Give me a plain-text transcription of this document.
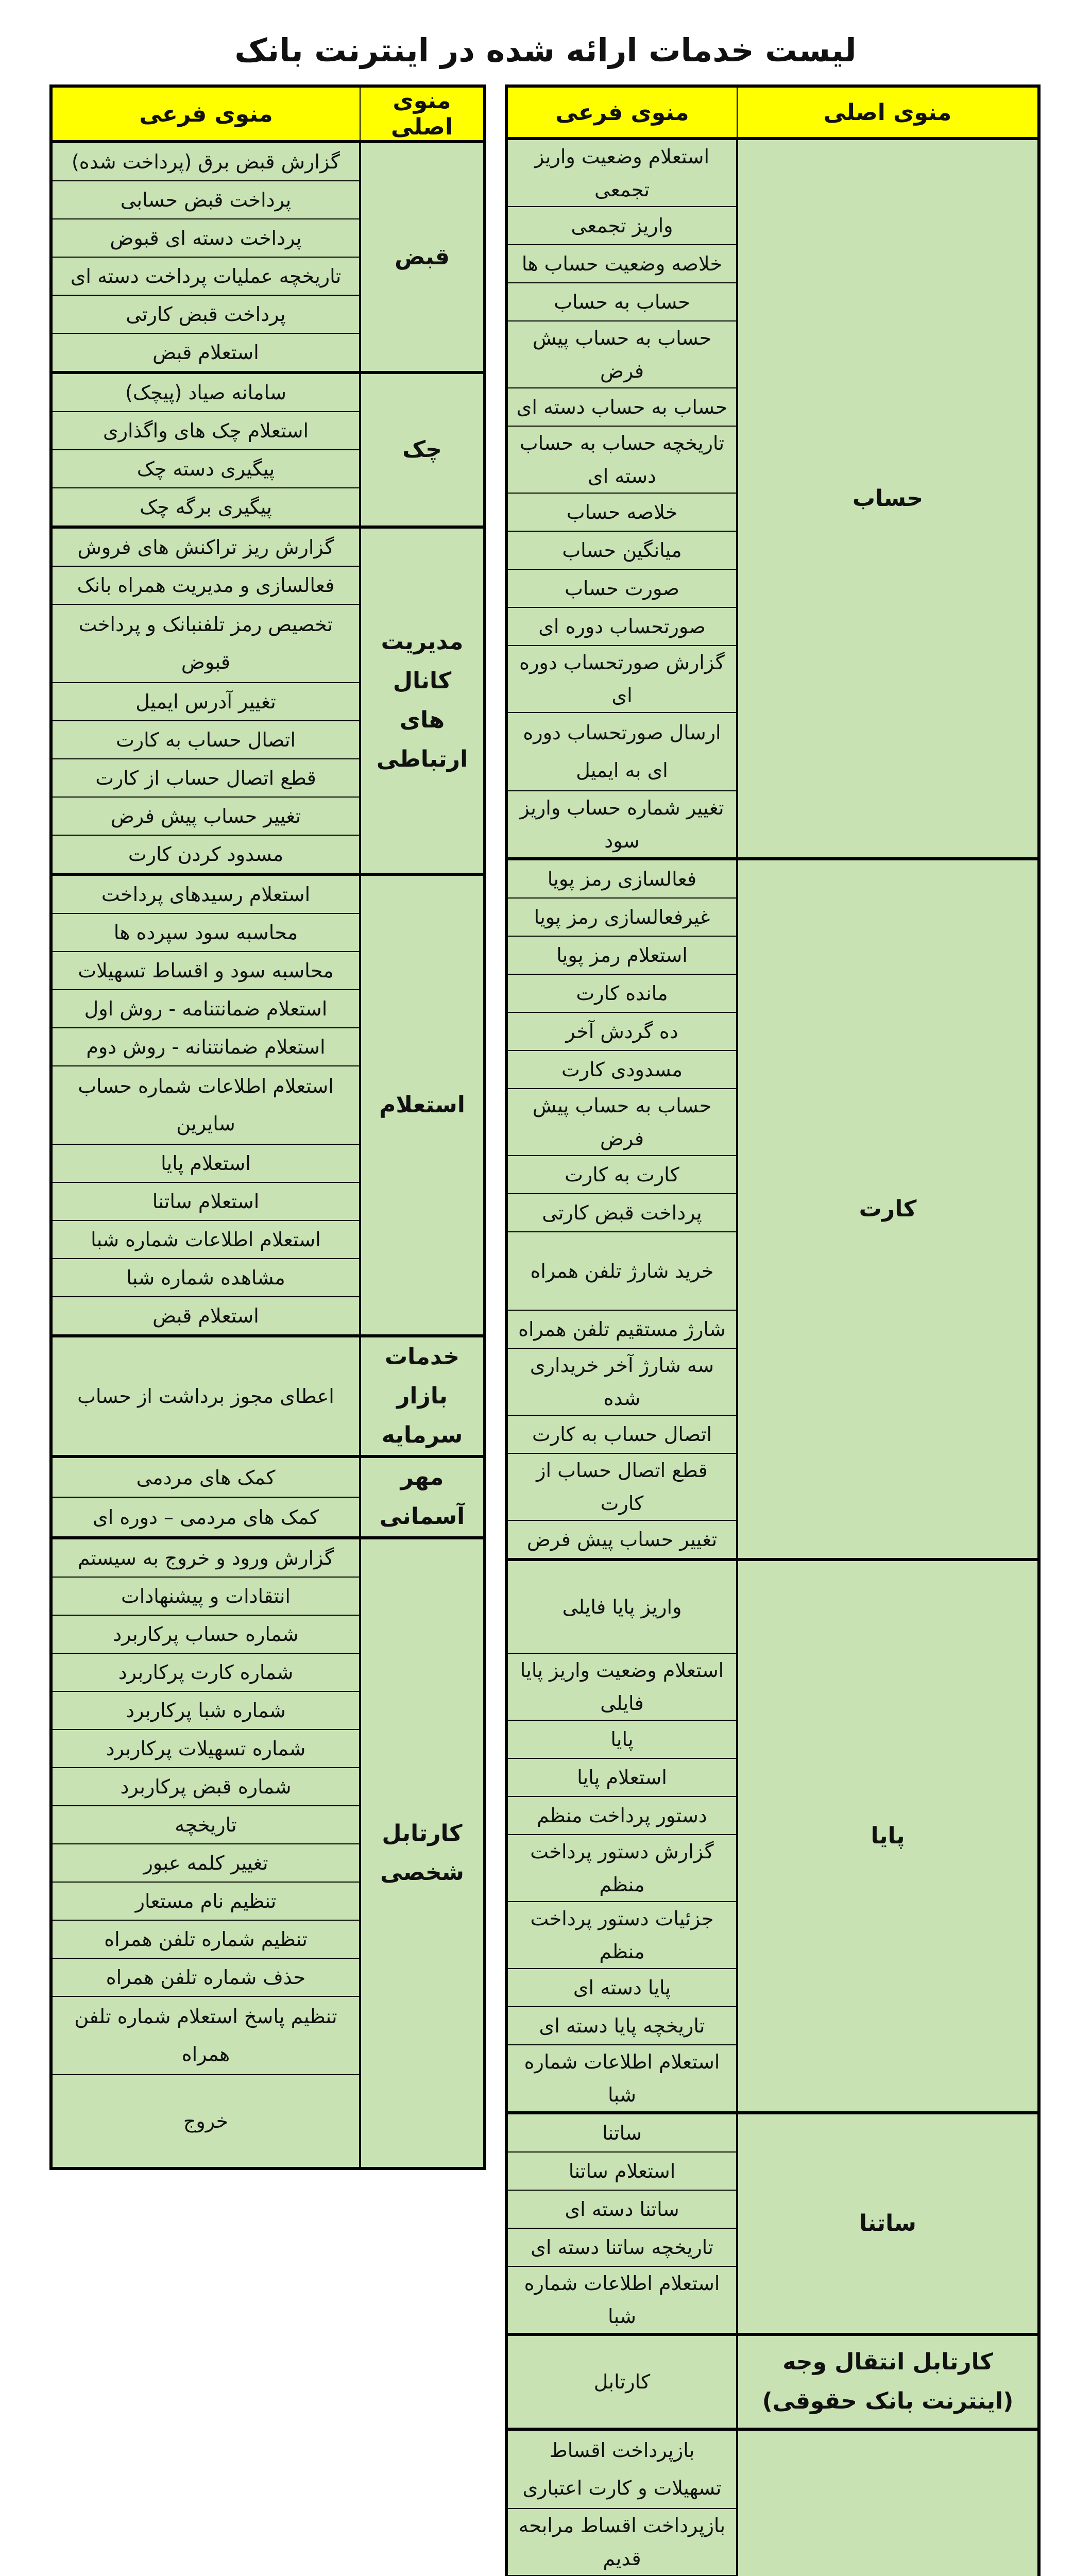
لیست خدمات ارائه شده در اینترنت بانک
منوی اصلی	منوی فرعی
حساب	استعلام وضعیت واریز تجمعی
	واریز تجمعی
	خلاصه وضعیت حساب ها
	حساب به حساب
	حساب به حساب پیش فرض
	حساب به حساب دسته ای
	تاریخچه حساب به حساب دسته ای
	خلاصه حساب
	میانگین حساب
	صورت حساب
	صورتحساب دوره ای
	گزارش صورتحساب دوره ای
	ارسال صورتحساب دوره ای به ایمیل
	تغییر شماره حساب واریز سود
کارت	فعالسازی رمز پویا
	غیرفعالسازی رمز پویا
	استعلام رمز پویا
	مانده کارت
	ده گردش آخر
	مسدودی کارت
	حساب به حساب پیش فرض
	کارت به کارت
	پرداخت قبض کارتی
	خرید شارژ تلفن همراه
	شارژ مستقیم تلفن همراه
	سه شارژ آخر خریداری شده
	اتصال حساب به کارت
	قطع اتصال حساب از کارت
	تغییر حساب پیش فرض
پایا	واریز پایا فایلی
	استعلام وضعیت واریز پایا فایلی
	پایا
	استعلام پایا
	دستور پرداخت منظم
	گزارش دستور پرداخت منظم
	جزئیات دستور پرداخت منظم
	پایا دسته ای
	تاریخچه پایا دسته ای
	استعلام اطلاعات شماره شبا
ساتنا	ساتنا
	استعلام ساتنا
	ساتنا دسته ای
	تاریخچه ساتنا دسته ای
	استعلام اطلاعات شماره شبا
کارتابل انتقال وجه (اینترنت بانک حقوقی)	کارتابل
	بازپرداخت اقساط تسهیلات و کارت اعتباری
	بازپرداخت اقساط مرابحه قدیم

منوی اصلی	منوی فرعی
قبض	گزارش قبض برق (پرداخت شده)
	پرداخت قبض حسابی
	پرداخت دسته ای قبوض
	تاریخچه عملیات پرداخت دسته ای
	پرداخت قبض کارتی
	استعلام قبض
چک	سامانه صیاد (پیچک)
	استعلام چک های واگذاری
	پیگیری دسته چک
	پیگیری برگه چک
مدیریت کانال های ارتباطی	گزارش ریز تراکنش های فروش
	فعالسازی و مدیریت همراه بانک
	تخصیص رمز تلفنبانک و پرداخت قبوض
	تغییر آدرس ایمیل
	اتصال حساب به کارت
	قطع اتصال حساب از کارت
	تغییر حساب پیش فرض
	مسدود کردن کارت
استعلام	استعلام رسیدهای پرداخت
	محاسبه سود سپرده ها
	محاسبه سود و اقساط تسهیلات
	استعلام ضمانتنامه - روش اول
	استعلام ضمانتنانه - روش دوم
	استعلام اطلاعات شماره حساب سایرین
	استعلام پایا
	استعلام ساتنا
	استعلام اطلاعات شماره شبا
	مشاهده شماره شبا
	استعلام قبض
خدمات بازار سرمایه	اعطای مجوز برداشت از حساب
مهر آسمانی	کمک های مردمی
	کمک های مردمی – دوره ای
کارتابل شخصی	گزارش ورود و خروج به سیستم
	انتقادات و پیشنهادات
	شماره حساب پرکاربرد
	شماره کارت پرکاربرد
	شماره شبا پرکاربرد
	شماره تسهیلات پرکاربرد
	شماره قبض پرکاربرد
	تاریخچه
	تغییر کلمه عبور
	تنظیم نام مستعار
	تنظیم شماره تلفن همراه
	حذف شماره تلفن همراه
	تنظیم پاسخ استعلام شماره تلفن همراه
	خروج
